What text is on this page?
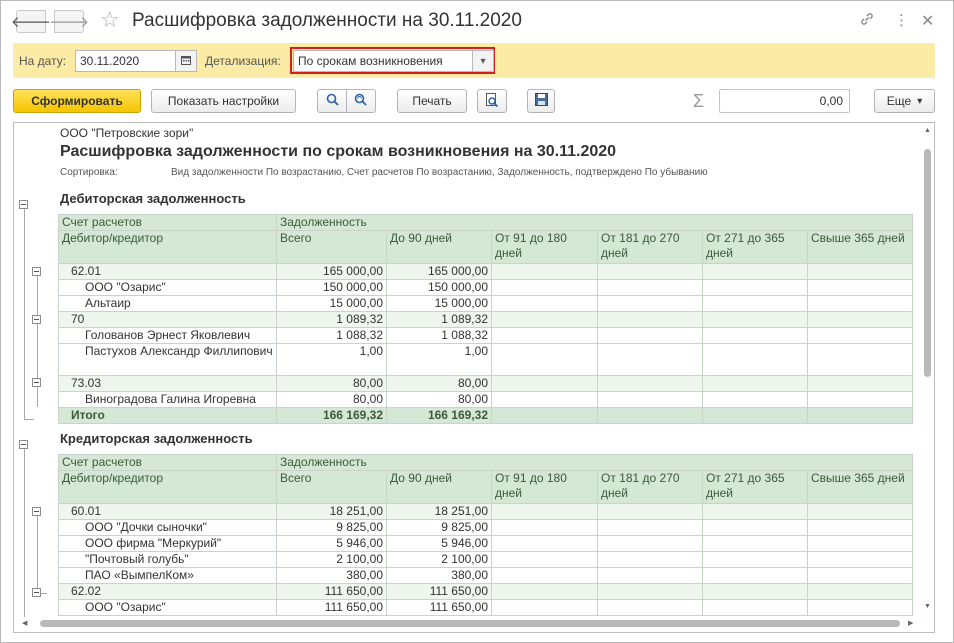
🡐
🡒 ☆ Расшифровка задолженности на 30.11.2020	⋮ ✕
На дату:	30.11.2020	Детализация:	По срокам возникновения	▾
Сформировать	Показать настройки	Печать	Σ	0,00	Еще ▾
ООО "Петровские зори"
Расшифровка задолженности по срокам возникновения на 30.11.2020
Сортировка:	Вид задолженности По возрастанию, Счет расчетов По возрастанию, Задолженность, подтверждено По убыванию
Дебиторская задолженность
Счет расчетов	Задолженность					
Дебитор/кредитор	Всего	До 90 дней	От 91 до 180 дней	От 181 до 270 дней	От 271 до 365 дней	Свыше 365 дней
62.01	165 000,00	165 000,00				
ООО "Озарис"	150 000,00	150 000,00				
Альтаир	15 000,00	15 000,00				
70	1 089,32	1 089,32				
Голованов Эрнест Яковлевич	1 088,32	1 088,32				
Пастухов Александр Филлипович	1,00	1,00				
73.03	80,00	80,00				
Виноградова Галина Игоревна	80,00	80,00				
Итого	166 169,32	166 169,32				
Кредиторская задолженность
Счет расчетов	Задолженность					
Дебитор/кредитор	Всего	До 90 дней	От 91 до 180 дней	От 181 до 270 дней	От 271 до 365 дней	Свыше 365 дней
60.01	18 251,00	18 251,00				
ООО "Дочки сыночки"	9 825,00	9 825,00				
ООО фирма "Меркурий"	5 946,00	5 946,00				
"Почтовый голубь"	2 100,00	2 100,00				
ПАО «ВымпелКом»	380,00	380,00				
62.02	111 650,00	111 650,00				
ООО "Озарис"	111 650,00	111 650,00				
▲
▼
◀	▶
